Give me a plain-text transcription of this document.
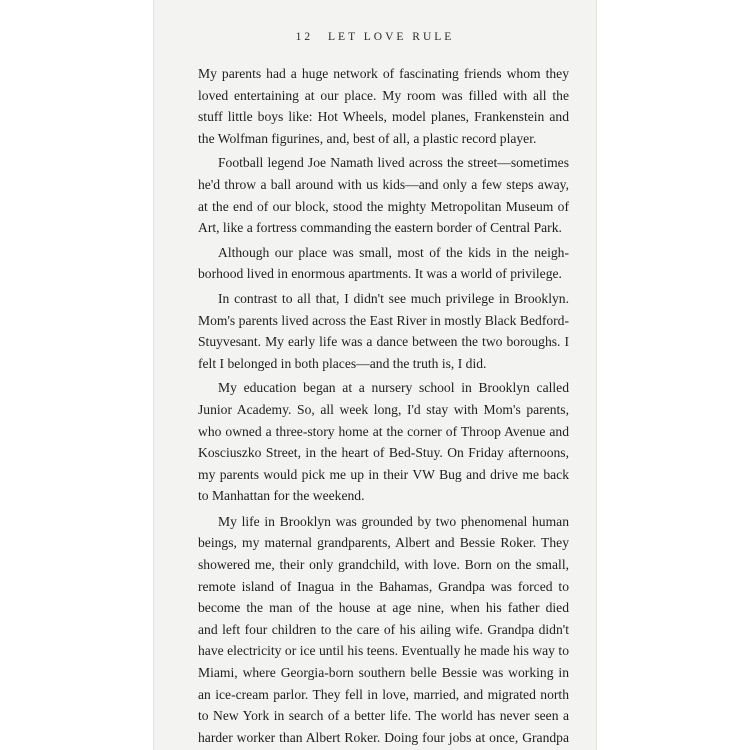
12 LET LOVE RULE

My parents had a huge network of fascinating friends whom they

loved entertaining at our place. My room was filled with all the

stuff little boys like: Hot Wheels, model planes, Frankenstein and

the Wolfman figurines, and, best of all, a plastic record player.

Football legend Joe Namath lived across the street—sometimes

he'd throw a ball around with us kids—and only a few steps away,

at the end of our block, stood the mighty Metropolitan Museum of

Art, like a fortress commanding the eastern border of Central Park.

Although our place was small, most of the kids in the neigh-

borhood lived in enormous apartments. It was a world of privilege.

In contrast to all that, I didn't see much privilege in Brooklyn.

Mom's parents lived across the East River in mostly Black Bedford-

Stuyvesant. My early life was a dance between the two boroughs. I

felt I belonged in both places—and the truth is, I did.

My education began at a nursery school in Brooklyn called

Junior Academy. So, all week long, I'd stay with Mom's parents,

who owned a three-story home at the corner of Throop Avenue and

Kosciuszko Street, in the heart of Bed-Stuy. On Friday afternoons,

my parents would pick me up in their VW Bug and drive me back

to Manhattan for the weekend.

My life in Brooklyn was grounded by two phenomenal human

beings, my maternal grandparents, Albert and Bessie Roker. They

showered me, their only grandchild, with love. Born on the small,

remote island of Inagua in the Bahamas, Grandpa was forced to

become the man of the house at age nine, when his father died

and left four children to the care of his ailing wife. Grandpa didn't

have electricity or ice until his teens. Eventually he made his way to

Miami, where Georgia-born southern belle Bessie was working in

an ice-cream parlor. They fell in love, married, and migrated north

to New York in search of a better life. The world has never seen a

harder worker than Albert Roker. Doing four jobs at once, Grandpa
